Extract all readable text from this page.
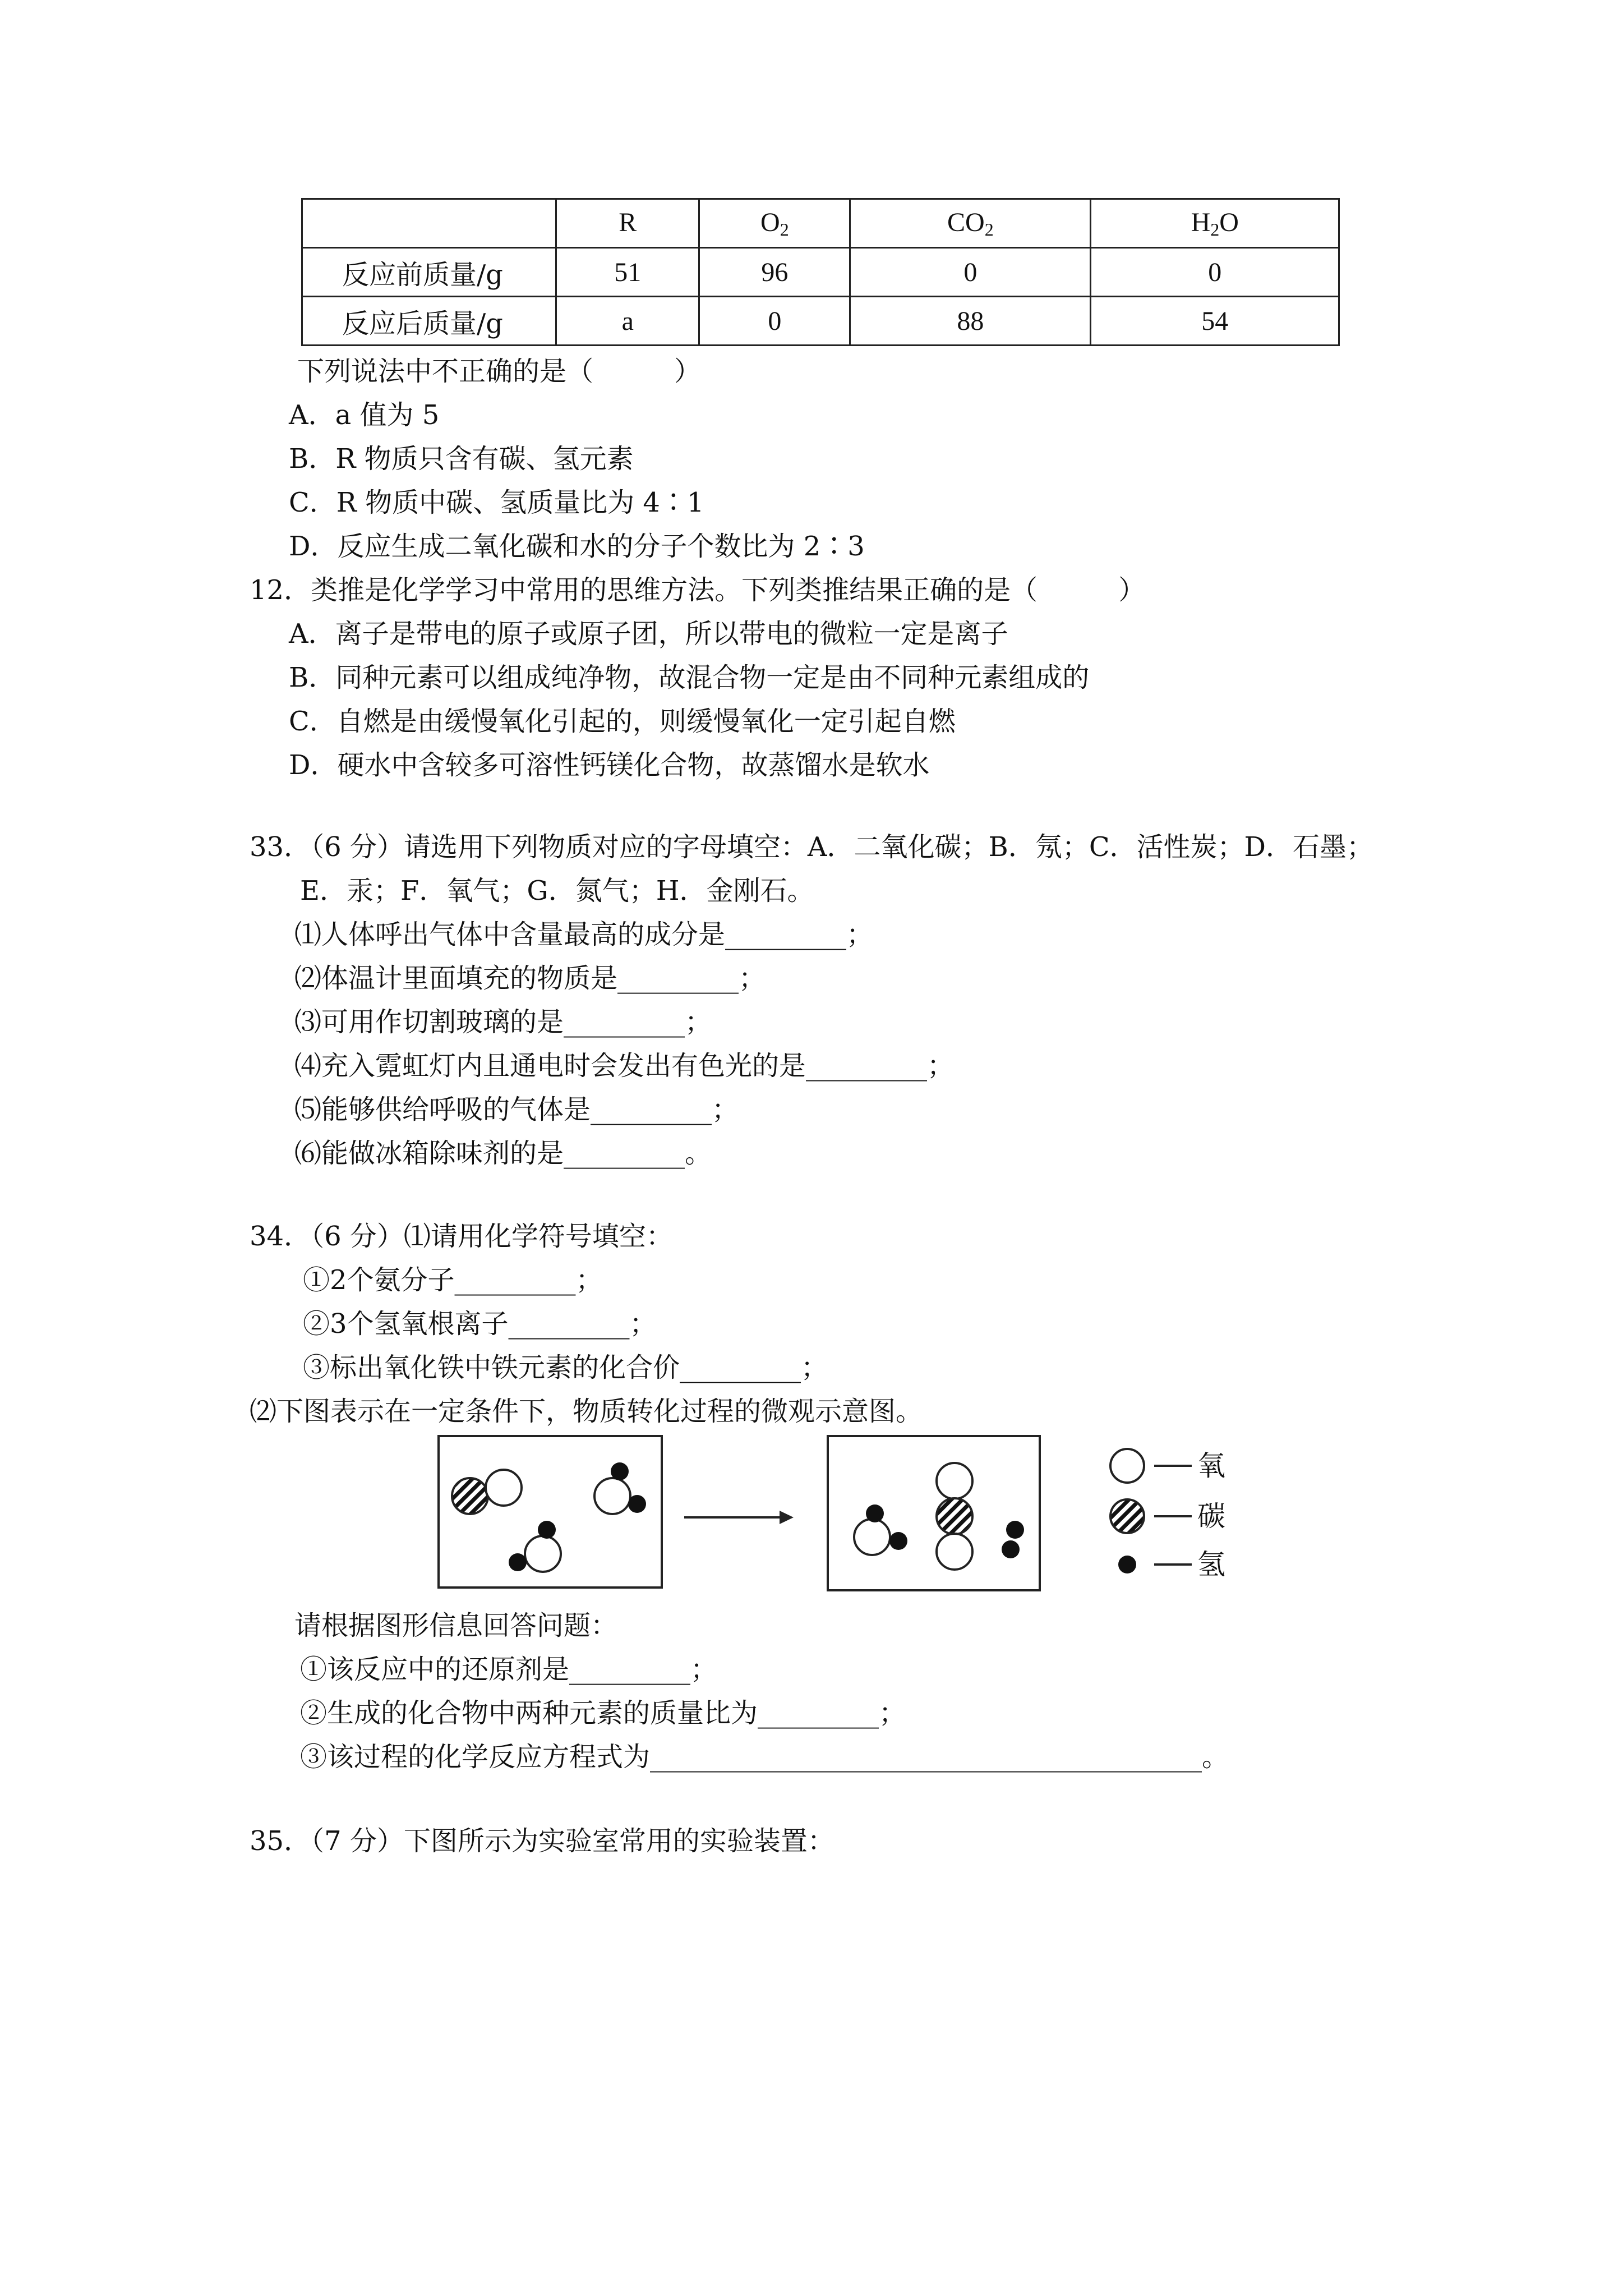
	R	$O_2$	$CO_2$	$H_2O$
反应前质量/g	51	96	0	0
反应后质量/g	a	0	88	54
下列说法中不正确的是（　　　）
A．a 值为 5
B．R 物质只含有碳、氢元素
C．R 物质中碳、氢质量比为 4∶1
D．反应生成二氧化碳和水的分子个数比为 2∶3
12．类推是化学学习中常用的思维方法。下列类推结果正确的是（　　　）
A．离子是带电的原子或原子团，所以带电的微粒一定是离子
B．同种元素可以组成纯净物，故混合物一定是由不同种元素组成的
C．自燃是由缓慢氧化引起的，则缓慢氧化一定引起自燃
D．硬水中含较多可溶性钙镁化合物，故蒸馏水是软水
33．（6 分）请选用下列物质对应的字母填空：A．二氧化碳；B．氖；C．活性炭；D．石墨；
E．汞；F．氧气；G．氮气；H．金刚石。
⑴人体呼出气体中含量最高的成分是_________；
⑵体温计里面填充的物质是_________；
⑶可用作切割玻璃的是_________；
⑷充入霓虹灯内且通电时会发出有色光的是_________；
⑸能够供给呼吸的气体是_________；
⑹能做冰箱除味剂的是_________。
34．（6 分）⑴请用化学符号填空：
①2个氨分子_________；
②3个氢氧根离子_________；
③标出氧化铁中铁元素的化合价_________；
⑵下图表示在一定条件下，物质转化过程的微观示意图。
氧
碳
氢
请根据图形信息回答问题：
①该反应中的还原剂是_________；
②生成的化合物中两种元素的质量比为_________；
③该过程的化学反应方程式为_________________________________________。
35．（7 分）下图所示为实验室常用的实验装置：
